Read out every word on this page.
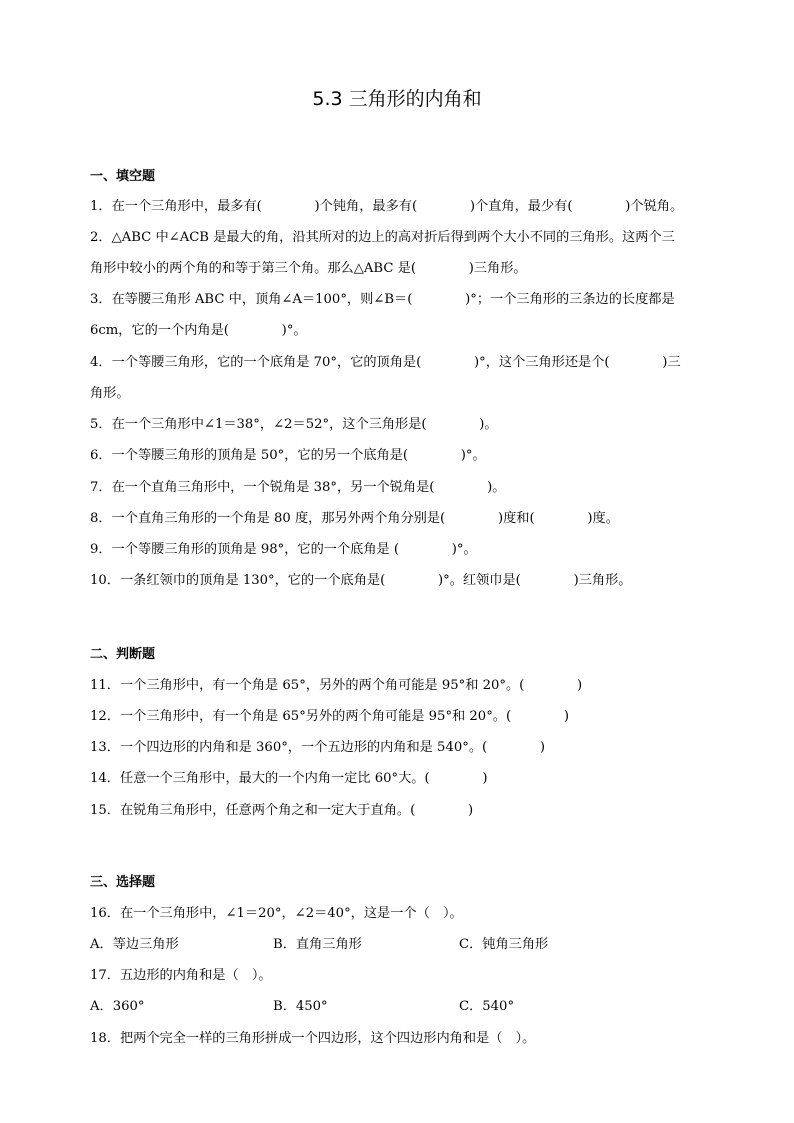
5.3 三角形的内角和
一、填空题
1．在一个三角形中，最多有(　　　　)个钝角，最多有(　　　　)个直角，最少有(　　　　)个锐角。
2．△ABC 中∠ACB 是最大的角，沿其所对的边上的高对折后得到两个大小不同的三角形。这两个三
角形中较小的两个角的和等于第三个角。那么△ABC 是(　　　　)三角形。
3．在等腰三角形 ABC 中，顶角∠A＝100°，则∠B＝(　　　　)°；一个三角形的三条边的长度都是
6cm，它的一个内角是(　　　　)°。
4．一个等腰三角形，它的一个底角是 70°，它的顶角是(　　　　)°，这个三角形还是个(　　　　)三
角形。
5．在一个三角形中∠1＝38°，∠2＝52°，这个三角形是(　　　　)。
6．一个等腰三角形的顶角是 50°，它的另一个底角是(　　　　)°。
7．在一个直角三角形中，一个锐角是 38°，另一个锐角是(　　　　)。
8．一个直角三角形的一个角是 80 度，那另外两个角分别是(　　　　)度和(　　　　)度。
9．一个等腰三角形的顶角是 98°，它的一个底角是 (　　　　)°。
10．一条红领巾的顶角是 130°，它的一个底角是(　　　　)°。红领巾是(　　　　)三角形。
二、判断题
11．一个三角形中，有一个角是 65°，另外的两个角可能是 95°和 20°。(　　　　)
12．一个三角形中，有一个角是 65°另外的两个角可能是 95°和 20°。(　　　　)
13．一个四边形的内角和是 360°，一个五边形的内角和是 540°。(　　　　)
14．任意一个三角形中，最大的一个内角一定比 60°大。(　　　　)
15．在锐角三角形中，任意两个角之和一定大于直角。(　　　　)
三、选择题
16．在一个三角形中，∠1＝20°，∠2＝40°，这是一个（　）。
A．等边三角形	B．直角三角形	C．钝角三角形
17．五边形的内角和是（　）。
A．360°	B．450°	C．540°
18．把两个完全一样的三角形拼成一个四边形，这个四边形内角和是（　）。
